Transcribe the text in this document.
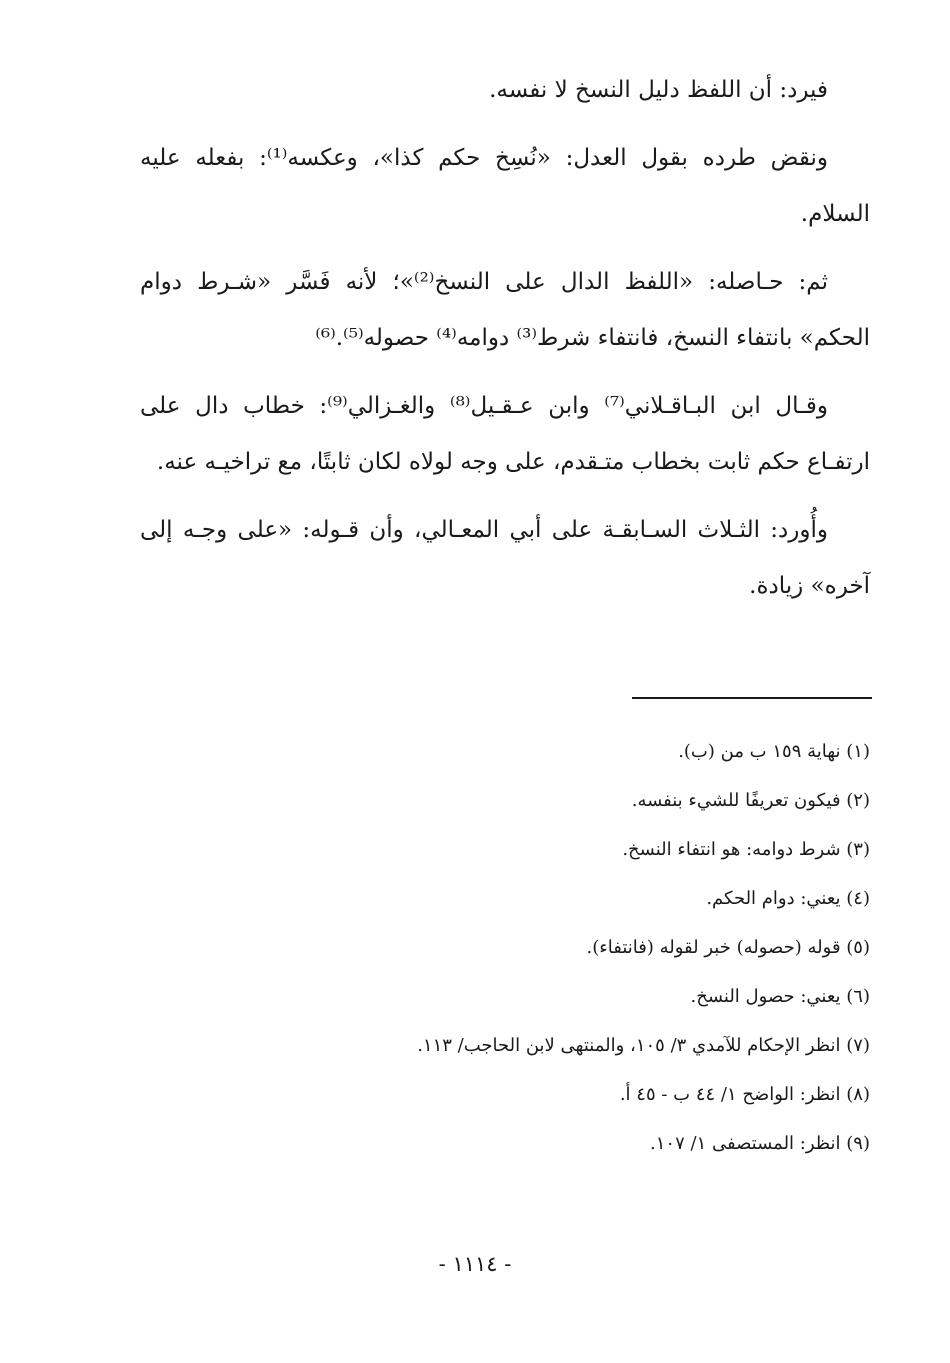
فيرد: أن اللفظ دليل النسخ لا نفسه.

ونقض طرده بقول العدل: «نُسِخ حكم كذا»، وعكسه⁽¹⁾: بفعله عليه السلام.

ثم: حـاصله: «اللفظ الدال على النسخ⁽²⁾»؛ لأنه فَسَّر «شـرط دوام الحكم» بانتفاء النسخ، فانتفاء شرط⁽³⁾ دوامه⁽⁴⁾ حصوله⁽⁵⁾.⁽⁶⁾

وقـال ابن البـاقـلاني⁽⁷⁾ وابن عـقـيل⁽⁸⁾ والغـزالي⁽⁹⁾: خطاب دال على ارتفـاع حكم ثابت بخطاب متـقدم، على وجه لولاه لكان ثابتًا، مع تراخيـه عنه.

وأُورد: الثـلاث السـابقـة على أبي المعـالي، وأن قـوله: «على وجـه إلى آخره» زيادة.

(١) نهاية ١٥٩ ب من (ب).

(٢) فيكون تعريفًا للشيء بنفسه.

(٣) شرط دوامه: هو انتفاء النسخ.

(٤) يعني: دوام الحكم.

(٥) قوله (حصوله) خبر لقوله (فانتفاء).

(٦) يعني: حصول النسخ.

(٧) انظر الإحكام للآمدي ٣/ ١٠٥، والمنتهى لابن الحاجب/ ١١٣.

(٨) انظر: الواضح ١/ ٤٤ ب - ٤٥ أ.

(٩) انظر: المستصفى ١/ ١٠٧.

- ١١١٤ -
